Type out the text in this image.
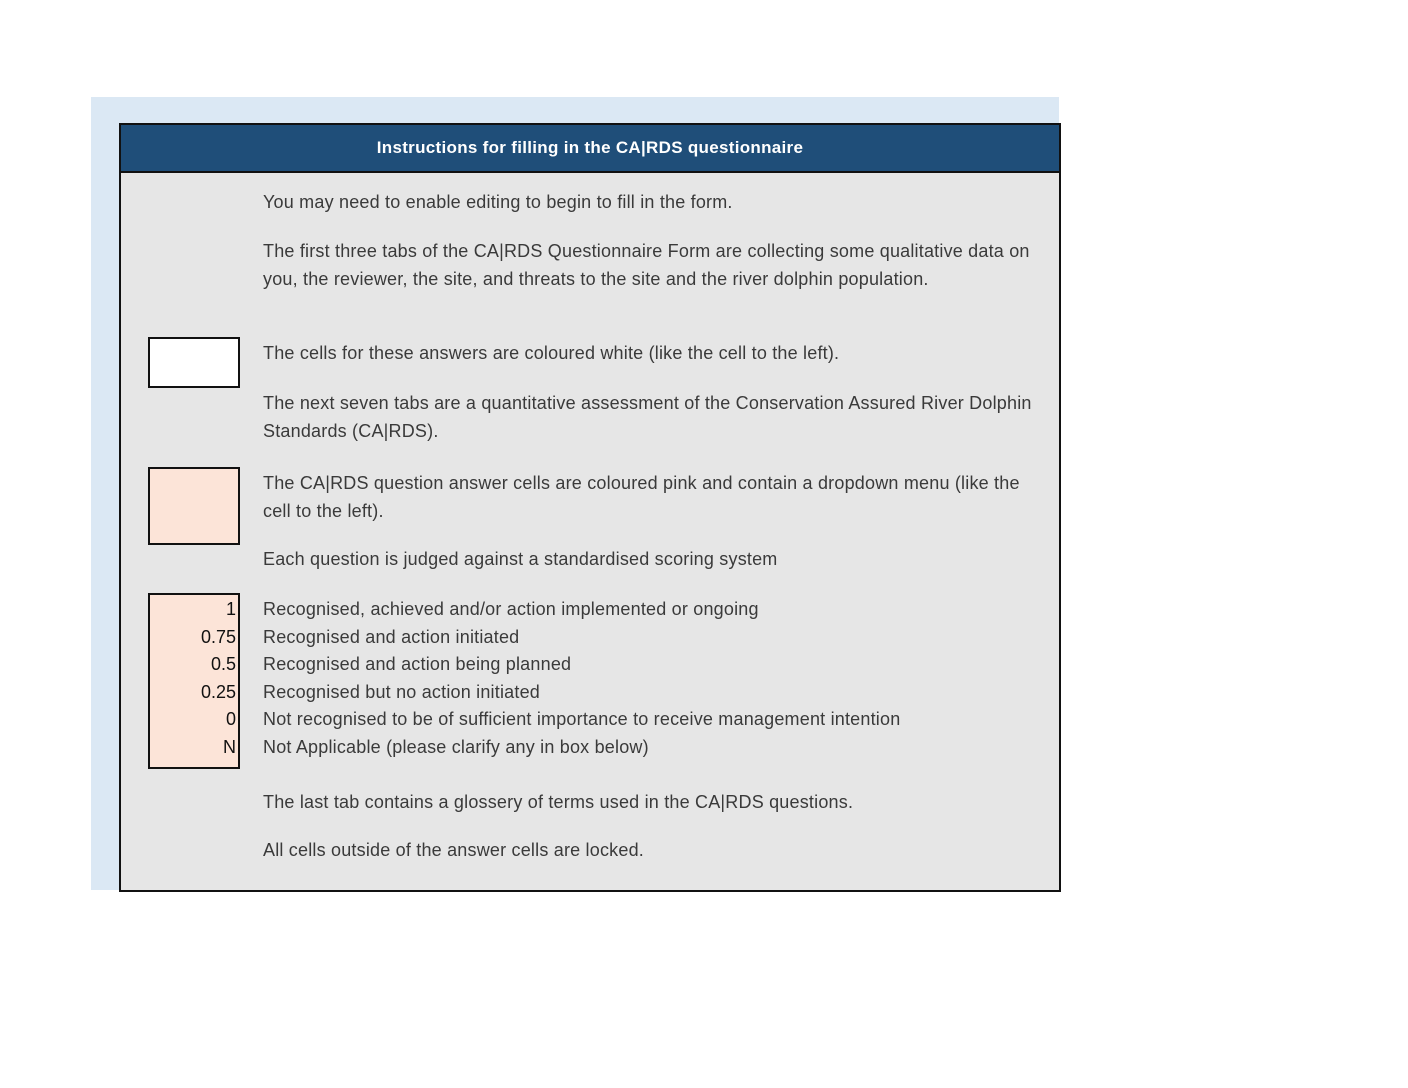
Instructions for filling in the CA|RDS questionnaire
You may need to enable editing to begin to fill in the form.
The first three tabs of the CA|RDS Questionnaire Form are collecting some qualitative data on you, the reviewer, the site, and threats to the site and the river dolphin population.
The cells for these answers are coloured white (like the cell to the left).
The next seven tabs are a quantitative assessment of the Conservation Assured River Dolphin Standards (CA|RDS).
The CA|RDS question answer cells are coloured pink and contain a dropdown menu (like the cell to the left).
Each question is judged against a standardised scoring system
1
0.75
0.5
0.25
0
N
Recognised, achieved and/or action implemented or ongoing
Recognised and action initiated
Recognised and action being planned
Recognised but no action initiated
Not recognised to be of sufficient importance to receive management intention
Not Applicable (please clarify any in box below)
The last tab contains a glossery of terms used in the CA|RDS questions.
All cells outside of the answer cells are locked.
